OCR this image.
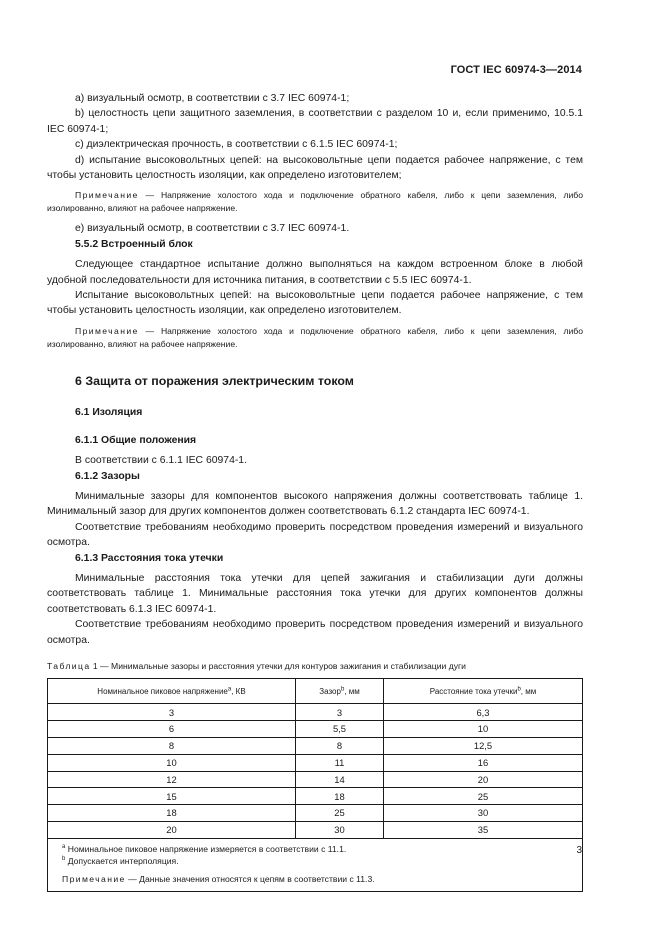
ГОСТ IEC 60974-3—2014

a) визуальный осмотр, в соответствии с 3.7 IEC 60974-1;

b) целостность цепи защитного заземления, в соответствии с разделом 10 и, если применимо, 10.5.1 IEC 60974-1;

c) диэлектрическая прочность, в соответствии с 6.1.5 IEC 60974-1;

d) испытание высоковольтных цепей: на высоковольтные цепи подается рабочее напряжение, с тем чтобы установить целостность изоляции, как определено изготовителем;

Примечание — Напряжение холостого хода и подключение обратного кабеля, либо к цепи заземления, либо изолированно, влияют на рабочее напряжение.

e) визуальный осмотр, в соответствии с 3.7 IEC 60974-1.

5.5.2 Встроенный блок

Следующее стандартное испытание должно выполняться на каждом встроенном блоке в любой удобной последовательности для источника питания, в соответствии с 5.5 IEC 60974-1.

Испытание высоковольтных цепей: на высоковольтные цепи подается рабочее напряжение, с тем чтобы установить целостность изоляции, как определено изготовителем.

Примечание — Напряжение холостого хода и подключение обратного кабеля, либо к цепи заземления, либо изолированно, влияют на рабочее напряжение.

6 Защита от поражения электрическим током

6.1 Изоляция

6.1.1 Общие положения

В соответствии с 6.1.1 IEC 60974-1.

6.1.2 Зазоры

Минимальные зазоры для компонентов высокого напряжения должны соответствовать таблице 1. Минимальный зазор для других компонентов должен соответствовать 6.1.2 стандарта IEC 60974-1.

Соответствие требованиям необходимо проверить посредством проведения измерений и визуального осмотра.

6.1.3 Расстояния тока утечки

Минимальные расстояния тока утечки для цепей зажигания и стабилизации дуги должны соответствовать таблице 1. Минимальные расстояния тока утечки для других компонентов должны соответствовать 6.1.3 IEC 60974-1.

Соответствие требованиям необходимо проверить посредством проведения измерений и визуального осмотра.

Таблица 1 — Минимальные зазоры и расстояния утечки для контуров зажигания и стабилизации дуги

Номинальное пиковое напряжение$^a$, КВ	Зазор$^b$, мм	Расстояние тока утечки$^b$, мм
3	3	6,3
6	5,5	10
8	8	12,5
10	11	16
12	14	20
15	18	25
18	25	30
20	30	35

$^a$ Номинальное пиковое напряжение измеряется в соответствии с 11.1.
$^b$ Допускается интерполяция.
Примечание — Данные значения относятся к цепям в соответствии с 11.3.		
3
